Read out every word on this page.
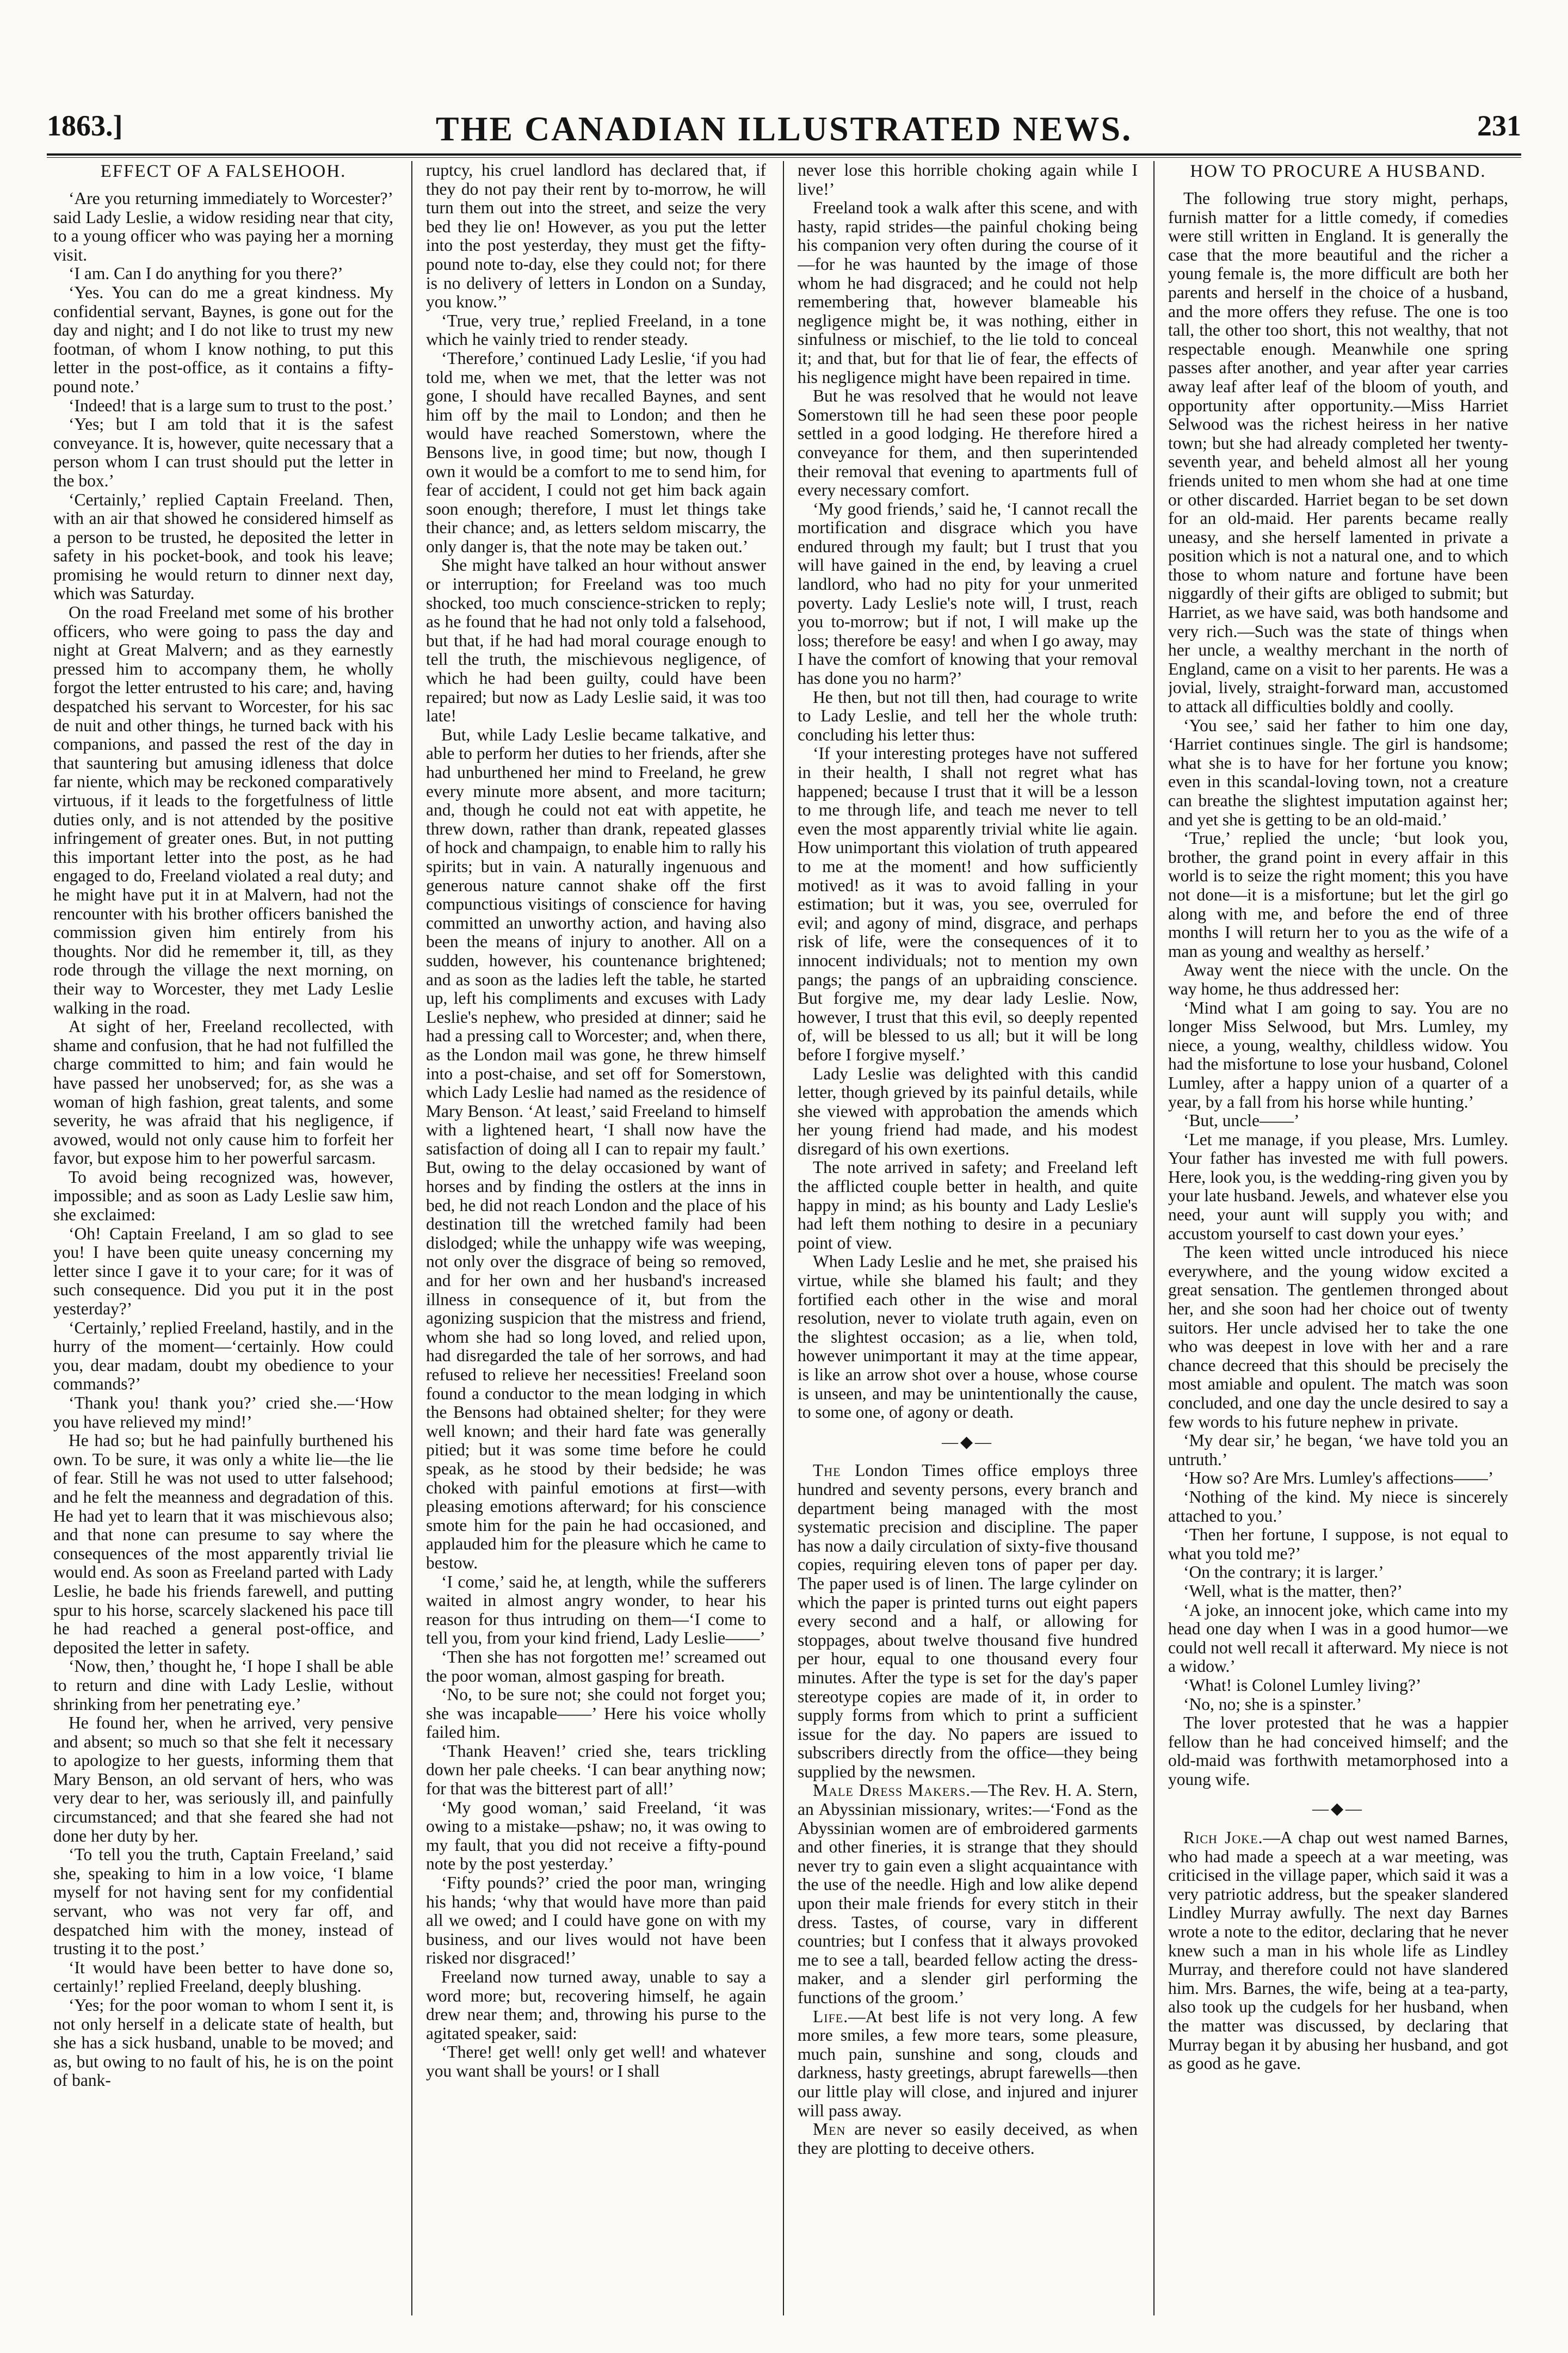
1863.]	THE CANADIAN ILLUSTRATED NEWS.	231
EFFECT OF A FALSEHOOH.

‘Are you returning immediately to Worcester?’ said Lady Leslie, a widow residing near that city, to a young officer who was paying her a morning visit.

‘I am. Can I do anything for you there?’

‘Yes. You can do me a great kindness. My confidential servant, Baynes, is gone out for the day and night; and I do not like to trust my new footman, of whom I know nothing, to put this letter in the post-office, as it contains a fifty-pound note.’

‘Indeed! that is a large sum to trust to the post.’

‘Yes; but I am told that it is the safest conveyance. It is, however, quite necessary that a person whom I can trust should put the letter in the box.’

‘Certainly,’ replied Captain Freeland. Then, with an air that showed he considered himself as a person to be trusted, he deposited the letter in safety in his pocket-book, and took his leave; promising he would return to dinner next day, which was Saturday.

On the road Freeland met some of his brother officers, who were going to pass the day and night at Great Malvern; and as they earnestly pressed him to accompany them, he wholly forgot the letter entrusted to his care; and, having despatched his servant to Worcester, for his sac de nuit and other things, he turned back with his companions, and passed the rest of the day in that sauntering but amusing idleness that dolce far niente, which may be reckoned comparatively virtuous, if it leads to the forgetfulness of little duties only, and is not attended by the positive infringement of greater ones. But, in not putting this important letter into the post, as he had engaged to do, Freeland violated a real duty; and he might have put it in at Malvern, had not the rencounter with his brother officers banished the commission given him entirely from his thoughts. Nor did he remember it, till, as they rode through the village the next morning, on their way to Worcester, they met Lady Leslie walking in the road.

At sight of her, Freeland recollected, with shame and confusion, that he had not fulfilled the charge committed to him; and fain would he have passed her unobserved; for, as she was a woman of high fashion, great talents, and some severity, he was afraid that his negligence, if avowed, would not only cause him to forfeit her favor, but expose him to her powerful sarcasm.

To avoid being recognized was, however, impossible; and as soon as Lady Leslie saw him, she exclaimed:

‘Oh! Captain Freeland, I am so glad to see you! I have been quite uneasy concerning my letter since I gave it to your care; for it was of such consequence. Did you put it in the post yesterday?’

‘Certainly,’ replied Freeland, hastily, and in the hurry of the moment—‘certainly. How could you, dear madam, doubt my obedience to your commands?’

‘Thank you! thank you?’ cried she.—‘How you have relieved my mind!’

He had so; but he had painfully burthened his own. To be sure, it was only a white lie—the lie of fear. Still he was not used to utter falsehood; and he felt the meanness and degradation of this. He had yet to learn that it was mischievous also; and that none can presume to say where the consequences of the most apparently trivial lie would end. As soon as Freeland parted with Lady Leslie, he bade his friends farewell, and putting spur to his horse, scarcely slackened his pace till he had reached a general post-office, and deposited the letter in safety.

‘Now, then,’ thought he, ‘I hope I shall be able to return and dine with Lady Leslie, without shrinking from her penetrating eye.’

He found her, when he arrived, very pensive and absent; so much so that she felt it necessary to apologize to her guests, informing them that Mary Benson, an old servant of hers, who was very dear to her, was seriously ill, and painfully circumstanced; and that she feared she had not done her duty by her.

‘To tell you the truth, Captain Freeland,’ said she, speaking to him in a low voice, ‘I blame myself for not having sent for my confidential servant, who was not very far off, and despatched him with the money, instead of trusting it to the post.’

‘It would have been better to have done so, certainly!’ replied Freeland, deeply blushing.

‘Yes; for the poor woman to whom I sent it, is not only herself in a delicate state of health, but she has a sick husband, unable to be moved; and as, but owing to no fault of his, he is on the point of bank-

ruptcy, his cruel landlord has declared that, if they do not pay their rent by to-morrow, he will turn them out into the street, and seize the very bed they lie on! However, as you put the letter into the post yesterday, they must get the fifty-pound note to-day, else they could not; for there is no delivery of letters in London on a Sunday, you know.’’

‘True, very true,’ replied Freeland, in a tone which he vainly tried to render steady.

‘Therefore,’ continued Lady Leslie, ‘if you had told me, when we met, that the letter was not gone, I should have recalled Baynes, and sent him off by the mail to London; and then he would have reached Somerstown, where the Bensons live, in good time; but now, though I own it would be a comfort to me to send him, for fear of accident, I could not get him back again soon enough; therefore, I must let things take their chance; and, as letters seldom miscarry, the only danger is, that the note may be taken out.’

She might have talked an hour without answer or interruption; for Freeland was too much shocked, too much conscience-stricken to reply; as he found that he had not only told a falsehood, but that, if he had had moral courage enough to tell the truth, the mischievous negligence, of which he had been guilty, could have been repaired; but now as Lady Leslie said, it was too late!

But, while Lady Leslie became talkative, and able to perform her duties to her friends, after she had unburthened her mind to Freeland, he grew every minute more absent, and more taciturn; and, though he could not eat with appetite, he threw down, rather than drank, repeated glasses of hock and champaign, to enable him to rally his spirits; but in vain. A naturally ingenuous and generous nature cannot shake off the first compunctious visitings of conscience for having committed an unworthy action, and having also been the means of injury to another. All on a sudden, however, his countenance brightened; and as soon as the ladies left the table, he started up, left his compliments and excuses with Lady Leslie's nephew, who presided at dinner; said he had a pressing call to Worcester; and, when there, as the London mail was gone, he threw himself into a post-chaise, and set off for Somerstown, which Lady Leslie had named as the residence of Mary Benson. ‘At least,’ said Freeland to himself with a lightened heart, ‘I shall now have the satisfaction of doing all I can to repair my fault.’ But, owing to the delay occasioned by want of horses and by finding the ostlers at the inns in bed, he did not reach London and the place of his destination till the wretched family had been dislodged; while the unhappy wife was weeping, not only over the disgrace of being so removed, and for her own and her husband's increased illness in consequence of it, but from the agonizing suspicion that the mistress and friend, whom she had so long loved, and relied upon, had disregarded the tale of her sorrows, and had refused to relieve her necessities! Freeland soon found a conductor to the mean lodging in which the Bensons had obtained shelter; for they were well known; and their hard fate was generally pitied; but it was some time before he could speak, as he stood by their bedside; he was choked with painful emotions at first—with pleasing emotions afterward; for his conscience smote him for the pain he had occasioned, and applauded him for the pleasure which he came to bestow.

‘I come,’ said he, at length, while the sufferers waited in almost angry wonder, to hear his reason for thus intruding on them—‘I come to tell you, from your kind friend, Lady Leslie——’

‘Then she has not forgotten me!’ screamed out the poor woman, almost gasping for breath.

‘No, to be sure not; she could not forget you; she was incapable——’ Here his voice wholly failed him.

‘Thank Heaven!’ cried she, tears trickling down her pale cheeks. ‘I can bear anything now; for that was the bitterest part of all!’

‘My good woman,’ said Freeland, ‘it was owing to a mistake—pshaw; no, it was owing to my fault, that you did not receive a fifty-pound note by the post yesterday.’

‘Fifty pounds?’ cried the poor man, wringing his hands; ‘why that would have more than paid all we owed; and I could have gone on with my business, and our lives would not have been risked nor disgraced!’

Freeland now turned away, unable to say a word more; but, recovering himself, he again drew near them; and, throwing his purse to the agitated speaker, said:

‘There! get well! only get well! and whatever you want shall be yours! or I shall

never lose this horrible choking again while I live!’

Freeland took a walk after this scene, and with hasty, rapid strides—the painful choking being his companion very often during the course of it—for he was haunted by the image of those whom he had disgraced; and he could not help remembering that, however blameable his negligence might be, it was nothing, either in sinfulness or mischief, to the lie told to conceal it; and that, but for that lie of fear, the effects of his negligence might have been repaired in time.

But he was resolved that he would not leave Somerstown till he had seen these poor people settled in a good lodging. He therefore hired a conveyance for them, and then superintended their removal that evening to apartments full of every necessary comfort.

‘My good friends,’ said he, ‘I cannot recall the mortification and disgrace which you have endured through my fault; but I trust that you will have gained in the end, by leaving a cruel landlord, who had no pity for your unmerited poverty. Lady Leslie's note will, I trust, reach you to-morrow; but if not, I will make up the loss; therefore be easy! and when I go away, may I have the comfort of knowing that your removal has done you no harm?’

He then, but not till then, had courage to write to Lady Leslie, and tell her the whole truth: concluding his letter thus:

‘If your interesting proteges have not suffered in their health, I shall not regret what has happened; because I trust that it will be a lesson to me through life, and teach me never to tell even the most apparently trivial white lie again. How unimportant this violation of truth appeared to me at the moment! and how sufficiently motived! as it was to avoid falling in your estimation; but it was, you see, overruled for evil; and agony of mind, disgrace, and perhaps risk of life, were the consequences of it to innocent individuals; not to mention my own pangs; the pangs of an upbraiding conscience. But forgive me, my dear lady Leslie. Now, however, I trust that this evil, so deeply repented of, will be blessed to us all; but it will be long before I forgive myself.’

Lady Leslie was delighted with this candid letter, though grieved by its painful details, while she viewed with approbation the amends which her young friend had made, and his modest disregard of his own exertions.

The note arrived in safety; and Freeland left the afflicted couple better in health, and quite happy in mind; as his bounty and Lady Leslie's had left them nothing to desire in a pecuniary point of view.

When Lady Leslie and he met, she praised his virtue, while she blamed his fault; and they fortified each other in the wise and moral resolution, never to violate truth again, even on the slightest occasion; as a lie, when told, however unimportant it may at the time appear, is like an arrow shot over a house, whose course is unseen, and may be unintentionally the cause, to some one, of agony or death.

—◆—

The London Times office employs three hundred and seventy persons, every branch and department being managed with the most systematic precision and discipline. The paper has now a daily circulation of sixty-five thousand copies, requiring eleven tons of paper per day. The paper used is of linen. The large cylinder on which the paper is printed turns out eight papers every second and a half, or allowing for stoppages, about twelve thousand five hundred per hour, equal to one thousand every four minutes. After the type is set for the day's paper stereotype copies are made of it, in order to supply forms from which to print a sufficient issue for the day. No papers are issued to subscribers directly from the office—they being supplied by the newsmen.

Male Dress Makers.—The Rev. H. A. Stern, an Abyssinian missionary, writes:—‘Fond as the Abyssinian women are of embroidered garments and other fineries, it is strange that they should never try to gain even a slight acquaintance with the use of the needle. High and low alike depend upon their male friends for every stitch in their dress. Tastes, of course, vary in different countries; but I confess that it always provoked me to see a tall, bearded fellow acting the dress-maker, and a slender girl performing the functions of the groom.’

Life.—At best life is not very long. A few more smiles, a few more tears, some pleasure, much pain, sunshine and song, clouds and darkness, hasty greetings, abrupt farewells—then our little play will close, and injured and injurer will pass away.

Men are never so easily deceived, as when they are plotting to deceive others.

HOW TO PROCURE A HUSBAND.

The following true story might, perhaps, furnish matter for a little comedy, if comedies were still written in England. It is generally the case that the more beautiful and the richer a young female is, the more difficult are both her parents and herself in the choice of a husband, and the more offers they refuse. The one is too tall, the other too short, this not wealthy, that not respectable enough. Meanwhile one spring passes after another, and year after year carries away leaf after leaf of the bloom of youth, and opportunity after opportunity.—Miss Harriet Selwood was the richest heiress in her native town; but she had already completed her twenty-seventh year, and beheld almost all her young friends united to men whom she had at one time or other discarded. Harriet began to be set down for an old-maid. Her parents became really uneasy, and she herself lamented in private a position which is not a natural one, and to which those to whom nature and fortune have been niggardly of their gifts are obliged to submit; but Harriet, as we have said, was both handsome and very rich.—Such was the state of things when her uncle, a wealthy merchant in the north of England, came on a visit to her parents. He was a jovial, lively, straight-forward man, accustomed to attack all difficulties boldly and coolly.

‘You see,’ said her father to him one day, ‘Harriet continues single. The girl is handsome; what she is to have for her fortune you know; even in this scandal-loving town, not a creature can breathe the slightest imputation against her; and yet she is getting to be an old-maid.’

‘True,’ replied the uncle; ‘but look you, brother, the grand point in every affair in this world is to seize the right moment; this you have not done—it is a misfortune; but let the girl go along with me, and before the end of three months I will return her to you as the wife of a man as young and wealthy as herself.’

Away went the niece with the uncle. On the way home, he thus addressed her:

‘Mind what I am going to say. You are no longer Miss Selwood, but Mrs. Lumley, my niece, a young, wealthy, childless widow. You had the misfortune to lose your husband, Colonel Lumley, after a happy union of a quarter of a year, by a fall from his horse while hunting.’

‘But, uncle——’

‘Let me manage, if you please, Mrs. Lumley. Your father has invested me with full powers. Here, look you, is the wedding-ring given you by your late husband. Jewels, and whatever else you need, your aunt will supply you with; and accustom yourself to cast down your eyes.’

The keen witted uncle introduced his niece everywhere, and the young widow excited a great sensation. The gentlemen thronged about her, and she soon had her choice out of twenty suitors. Her uncle advised her to take the one who was deepest in love with her and a rare chance decreed that this should be precisely the most amiable and opulent. The match was soon concluded, and one day the uncle desired to say a few words to his future nephew in private.

‘My dear sir,’ he began, ‘we have told you an untruth.’

‘How so? Are Mrs. Lumley's affections——’

‘Nothing of the kind. My niece is sincerely attached to you.’

‘Then her fortune, I suppose, is not equal to what you told me?’

‘On the contrary; it is larger.’

‘Well, what is the matter, then?’

‘A joke, an innocent joke, which came into my head one day when I was in a good humor—we could not well recall it afterward. My niece is not a widow.’

‘What! is Colonel Lumley living?’

‘No, no; she is a spinster.’

The lover protested that he was a happier fellow than he had conceived himself; and the old-maid was forthwith metamorphosed into a young wife.

—◆—

Rich Joke.—A chap out west named Barnes, who had made a speech at a war meeting, was criticised in the village paper, which said it was a very patriotic address, but the speaker slandered Lindley Murray awfully. The next day Barnes wrote a note to the editor, declaring that he never knew such a man in his whole life as Lindley Murray, and therefore could not have slandered him. Mrs. Barnes, the wife, being at a tea-party, also took up the cudgels for her husband, when the matter was discussed, by declaring that Murray began it by abusing her husband, and got as good as he gave.
